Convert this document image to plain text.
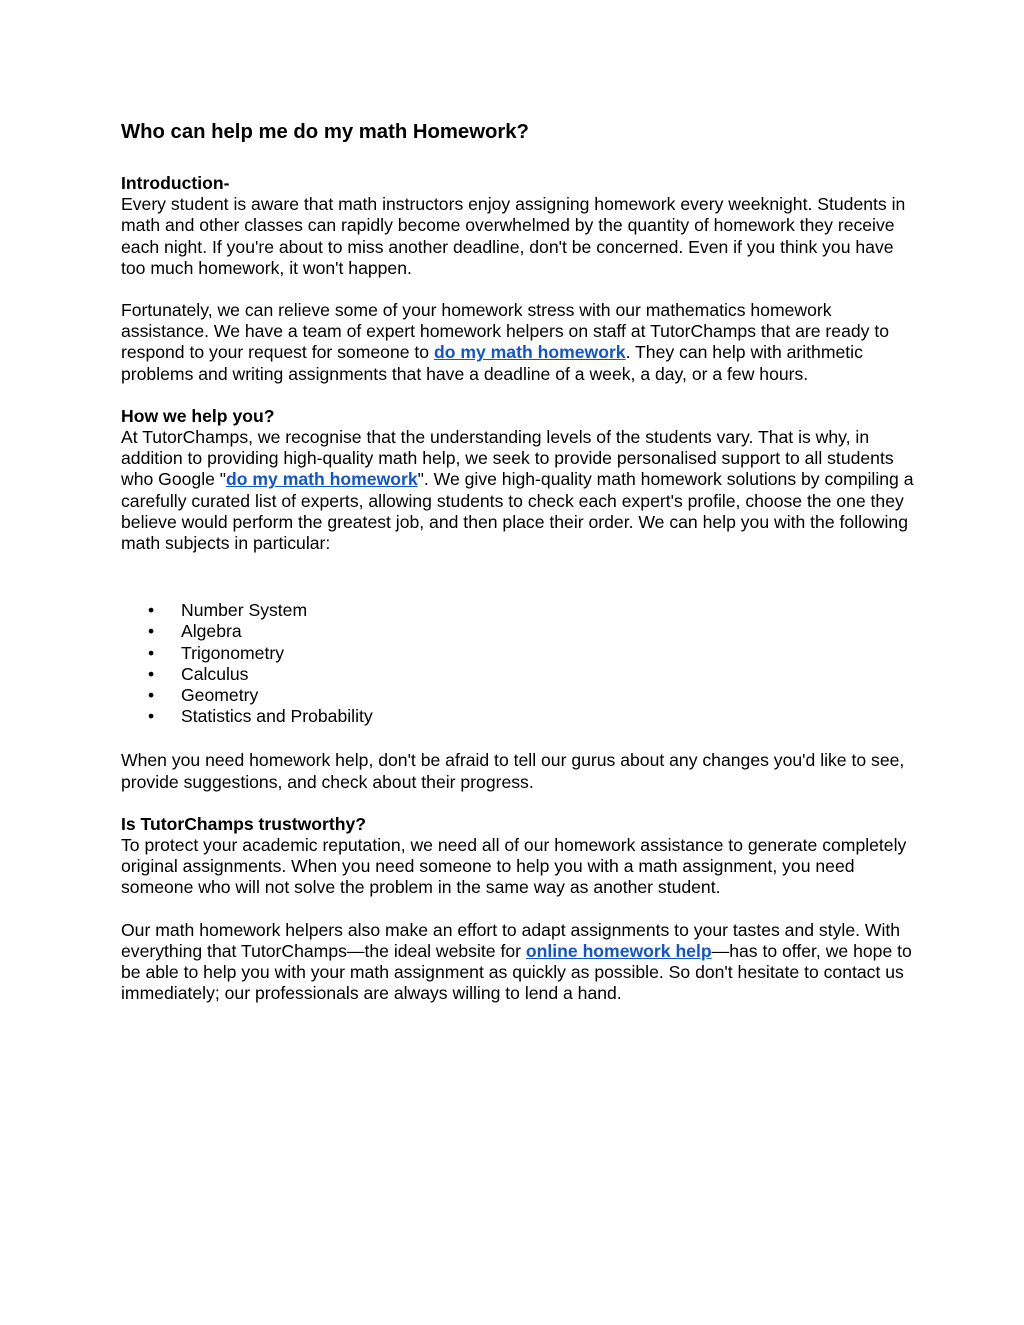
Who can help me do my math Homework?

Introduction-

Every student is aware that math instructors enjoy assigning homework every weeknight. Students in math and other classes can rapidly become overwhelmed by the quantity of homework they receive each night. If you're about to miss another deadline, don't be concerned. Even if you think you have too much homework, it won't happen.

Fortunately, we can relieve some of your homework stress with our mathematics homework assistance. We have a team of expert homework helpers on staff at TutorChamps that are ready to respond to your request for someone to do my math homework. They can help with arithmetic problems and writing assignments that have a deadline of a week, a day, or a few hours.

How we help you?

At TutorChamps, we recognise that the understanding levels of the students vary. That is why, in addition to providing high-quality math help, we seek to provide personalised support to all students who Google "do my math homework". We give high-quality math homework solutions by compiling a carefully curated list of experts, allowing students to check each expert's profile, choose the one they believe would perform the greatest job, and then place their order. We can help you with the following math subjects in particular:

• Number System
• Algebra
• Trigonometry
• Calculus
• Geometry
• Statistics and Probability

When you need homework help, don't be afraid to tell our gurus about any changes you'd like to see, provide suggestions, and check about their progress.

Is TutorChamps trustworthy?

To protect your academic reputation, we need all of our homework assistance to generate completely original assignments. When you need someone to help you with a math assignment, you need someone who will not solve the problem in the same way as another student.

Our math homework helpers also make an effort to adapt assignments to your tastes and style. With everything that TutorChamps—the ideal website for online homework help—has to offer, we hope to be able to help you with your math assignment as quickly as possible. So don't hesitate to contact us immediately; our professionals are always willing to lend a hand.
